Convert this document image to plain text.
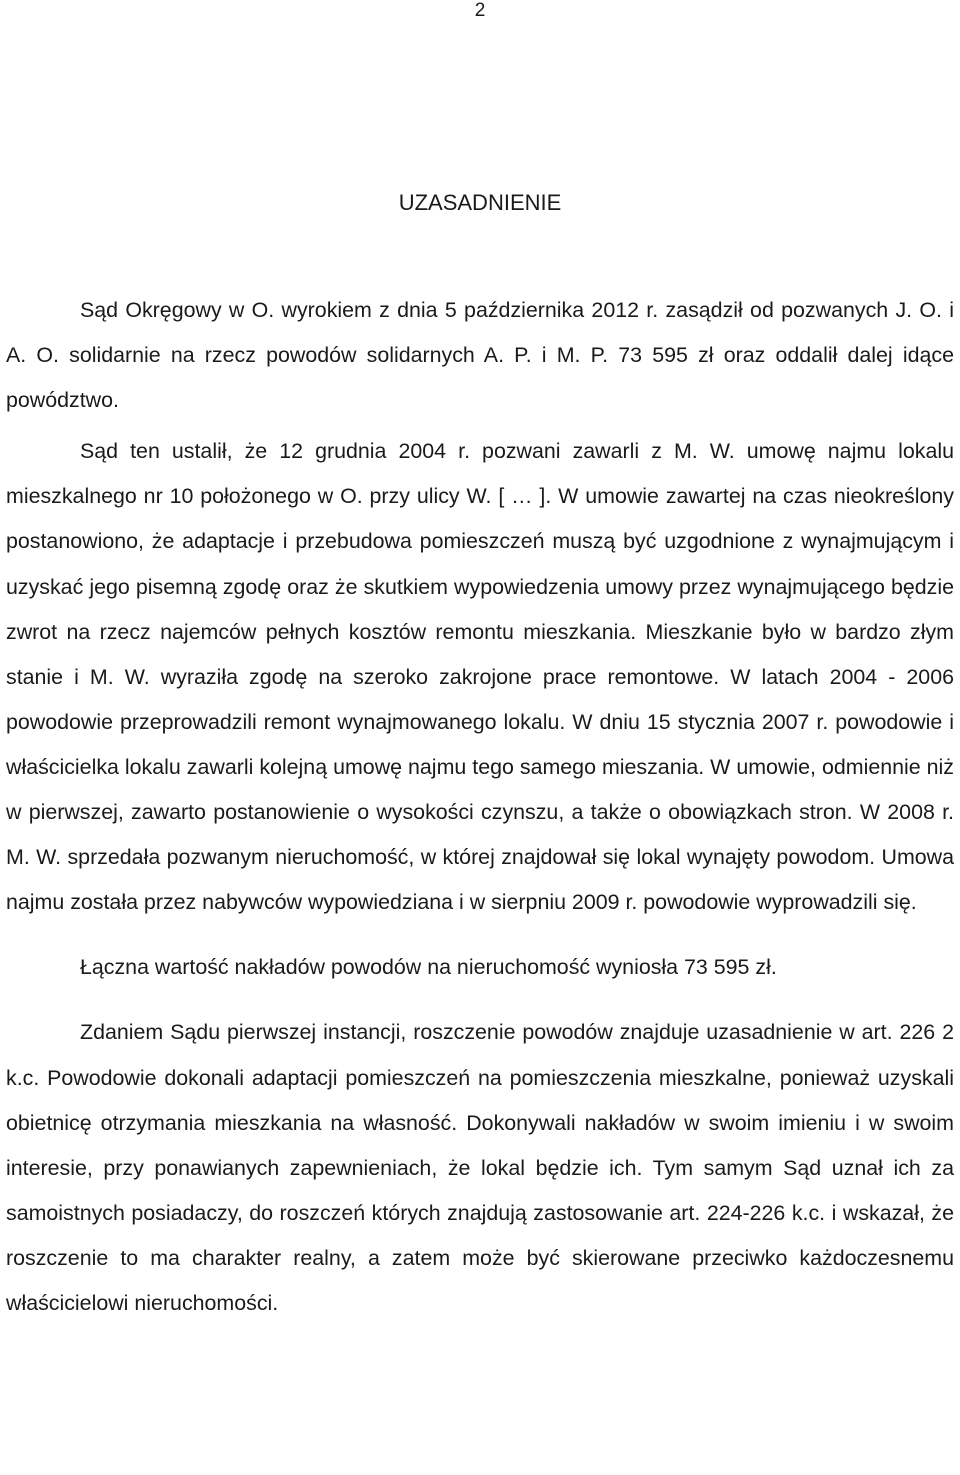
2
UZASADNIENIE

Sąd Okręgowy w O. wyrokiem z dnia 5 października 2012 r. zasądził od pozwanych J. O. i A. O. solidarnie na rzecz powodów solidarnych A. P. i M. P. 73 595 zł oraz oddalił dalej idące powództwo.

Sąd ten ustalił, że 12 grudnia 2004 r. pozwani zawarli z M. W. umowę najmu lokalu mieszkalnego nr 10 położonego w O. przy ulicy W. [ … ]. W umowie zawartej na czas nieokreślony postanowiono, że adaptacje i przebudowa pomieszczeń muszą być uzgodnione z wynajmującym i uzyskać jego pisemną zgodę oraz że skutkiem wypowiedzenia umowy przez wynajmującego będzie zwrot na rzecz najemców pełnych kosztów remontu mieszkania. Mieszkanie było w bardzo złym stanie i M. W. wyraziła zgodę na szeroko zakrojone prace remontowe. W latach 2004 - 2006 powodowie przeprowadzili remont wynajmowanego lokalu. W dniu 15 stycznia 2007 r. powodowie i właścicielka lokalu zawarli kolejną umowę najmu tego samego mieszania. W umowie, odmiennie niż w pierwszej, zawarto postanowienie o wysokości czynszu, a także o obowiązkach stron. W 2008 r. M. W. sprzedała pozwanym nieruchomość, w której znajdował się lokal wynajęty powodom. Umowa najmu została przez nabywców wypowiedziana i w sierpniu 2009 r. powodowie wyprowadzili się.

Łączna wartość nakładów powodów na nieruchomość wyniosła 73 595 zł.

Zdaniem Sądu pierwszej instancji, roszczenie powodów znajduje uzasadnienie w art. 226 2 k.c. Powodowie dokonali adaptacji pomieszczeń na pomieszczenia mieszkalne, ponieważ uzyskali obietnicę otrzymania mieszkania na własność. Dokonywali nakładów w swoim imieniu i w swoim interesie, przy ponawianych zapewnieniach, że lokal będzie ich. Tym samym Sąd uznał ich za samoistnych posiadaczy, do roszczeń których znajdują zastosowanie art. 224-226 k.c. i wskazał, że roszczenie to ma charakter realny, a zatem może być skierowane przeciwko każdoczesnemu właścicielowi nieruchomości.
